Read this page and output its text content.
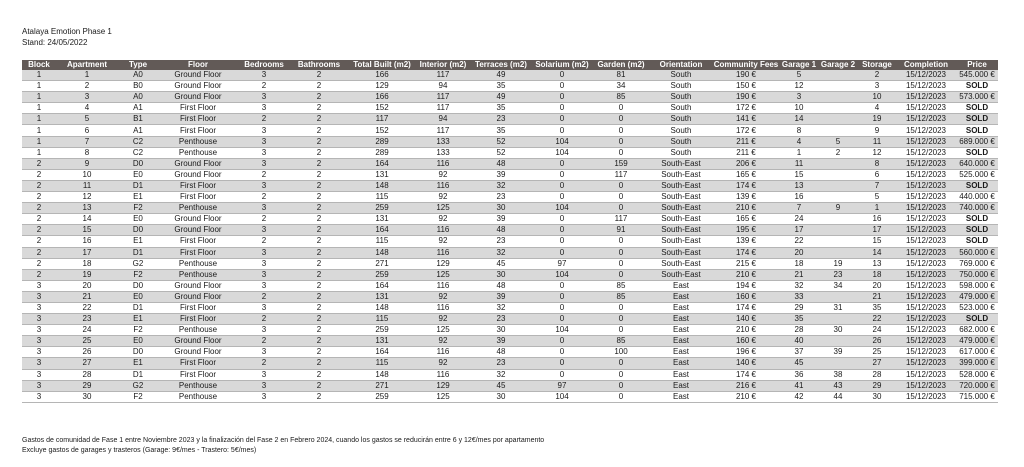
Atalaya Emotion Phase 1
Stand: 24/05/2022
Block	Apartment	Type	Floor	Bedrooms	Bathrooms	Total Built (m2)	Interior (m2)	Terraces (m2)	Solarium (m2)	Garden (m2)	Orientation	Community Fees	Garage 1	Garage 2	Storage	Completion	Price
1	1	A0	Ground Floor	3	2	166	117	49	0	81	South	190 €	5		2	15/12/2023	545.000 €
1	2	B0	Ground Floor	2	2	129	94	35	0	34	South	150 €	12		3	15/12/2023	SOLD
1	3	A0	Ground Floor	3	2	166	117	49	0	85	South	190 €	3		10	15/12/2023	573.000 €
1	4	A1	First Floor	3	2	152	117	35	0	0	South	172 €	10		4	15/12/2023	SOLD
1	5	B1	First Floor	2	2	117	94	23	0	0	South	141 €	14		19	15/12/2023	SOLD
1	6	A1	First Floor	3	2	152	117	35	0	0	South	172 €	8		9	15/12/2023	SOLD
1	7	C2	Penthouse	3	2	289	133	52	104	0	South	211 €	4	5	11	15/12/2023	689.000 €
1	8	C2	Penthouse	3	2	289	133	52	104	0	South	211 €	1	2	12	15/12/2023	SOLD
2	9	D0	Ground Floor	3	2	164	116	48	0	159	South-East	206 €	11		8	15/12/2023	640.000 €
2	10	E0	Ground Floor	2	2	131	92	39	0	117	South-East	165 €	15		6	15/12/2023	525.000 €
2	11	D1	First Floor	3	2	148	116	32	0	0	South-East	174 €	13		7	15/12/2023	SOLD
2	12	E1	First Floor	2	2	115	92	23	0	0	South-East	139 €	16		5	15/12/2023	440.000 €
2	13	F2	Penthouse	3	2	259	125	30	104	0	South-East	210 €	7	9	1	15/12/2023	740.000 €
2	14	E0	Ground Floor	2	2	131	92	39	0	117	South-East	165 €	24		16	15/12/2023	SOLD
2	15	D0	Ground Floor	3	2	164	116	48	0	91	South-East	195 €	17		17	15/12/2023	SOLD
2	16	E1	First Floor	2	2	115	92	23	0	0	South-East	139 €	22		15	15/12/2023	SOLD
2	17	D1	First Floor	3	2	148	116	32	0	0	South-East	174 €	20		14	15/12/2023	560.000 €
2	18	G2	Penthouse	3	2	271	129	45	97	0	South-East	215 €	18	19	13	15/12/2023	769.000 €
2	19	F2	Penthouse	3	2	259	125	30	104	0	South-East	210 €	21	23	18	15/12/2023	750.000 €
3	20	D0	Ground Floor	3	2	164	116	48	0	85	East	194 €	32	34	20	15/12/2023	598.000 €
3	21	E0	Ground Floor	2	2	131	92	39	0	85	East	160 €	33		21	15/12/2023	479.000 €
3	22	D1	First Floor	3	2	148	116	32	0	0	East	174 €	29	31	35	15/12/2023	523.000 €
3	23	E1	First Floor	2	2	115	92	23	0	0	East	140 €	35		22	15/12/2023	SOLD
3	24	F2	Penthouse	3	2	259	125	30	104	0	East	210 €	28	30	24	15/12/2023	682.000 €
3	25	E0	Ground Floor	2	2	131	92	39	0	85	East	160 €	40		26	15/12/2023	479.000 €
3	26	D0	Ground Floor	3	2	164	116	48	0	100	East	196 €	37	39	25	15/12/2023	617.000 €
3	27	E1	First Floor	2	2	115	92	23	0	0	East	140 €	45		27	15/12/2023	399.000 €
3	28	D1	First Floor	3	2	148	116	32	0	0	East	174 €	36	38	28	15/12/2023	528.000 €
3	29	G2	Penthouse	3	2	271	129	45	97	0	East	216 €	41	43	29	15/12/2023	720.000 €
3	30	F2	Penthouse	3	2	259	125	30	104	0	East	210 €	42	44	30	15/12/2023	715.000 €
Gastos de comunidad de Fase 1 entre Noviembre 2023 y la finalización del Fase 2 en Febrero 2024, cuando los gastos se reducirán entre 6 y 12€/mes por apartamento
Excluye gastos de garages y trasteros (Garage: 9€/mes - Trastero: 5€/mes)
